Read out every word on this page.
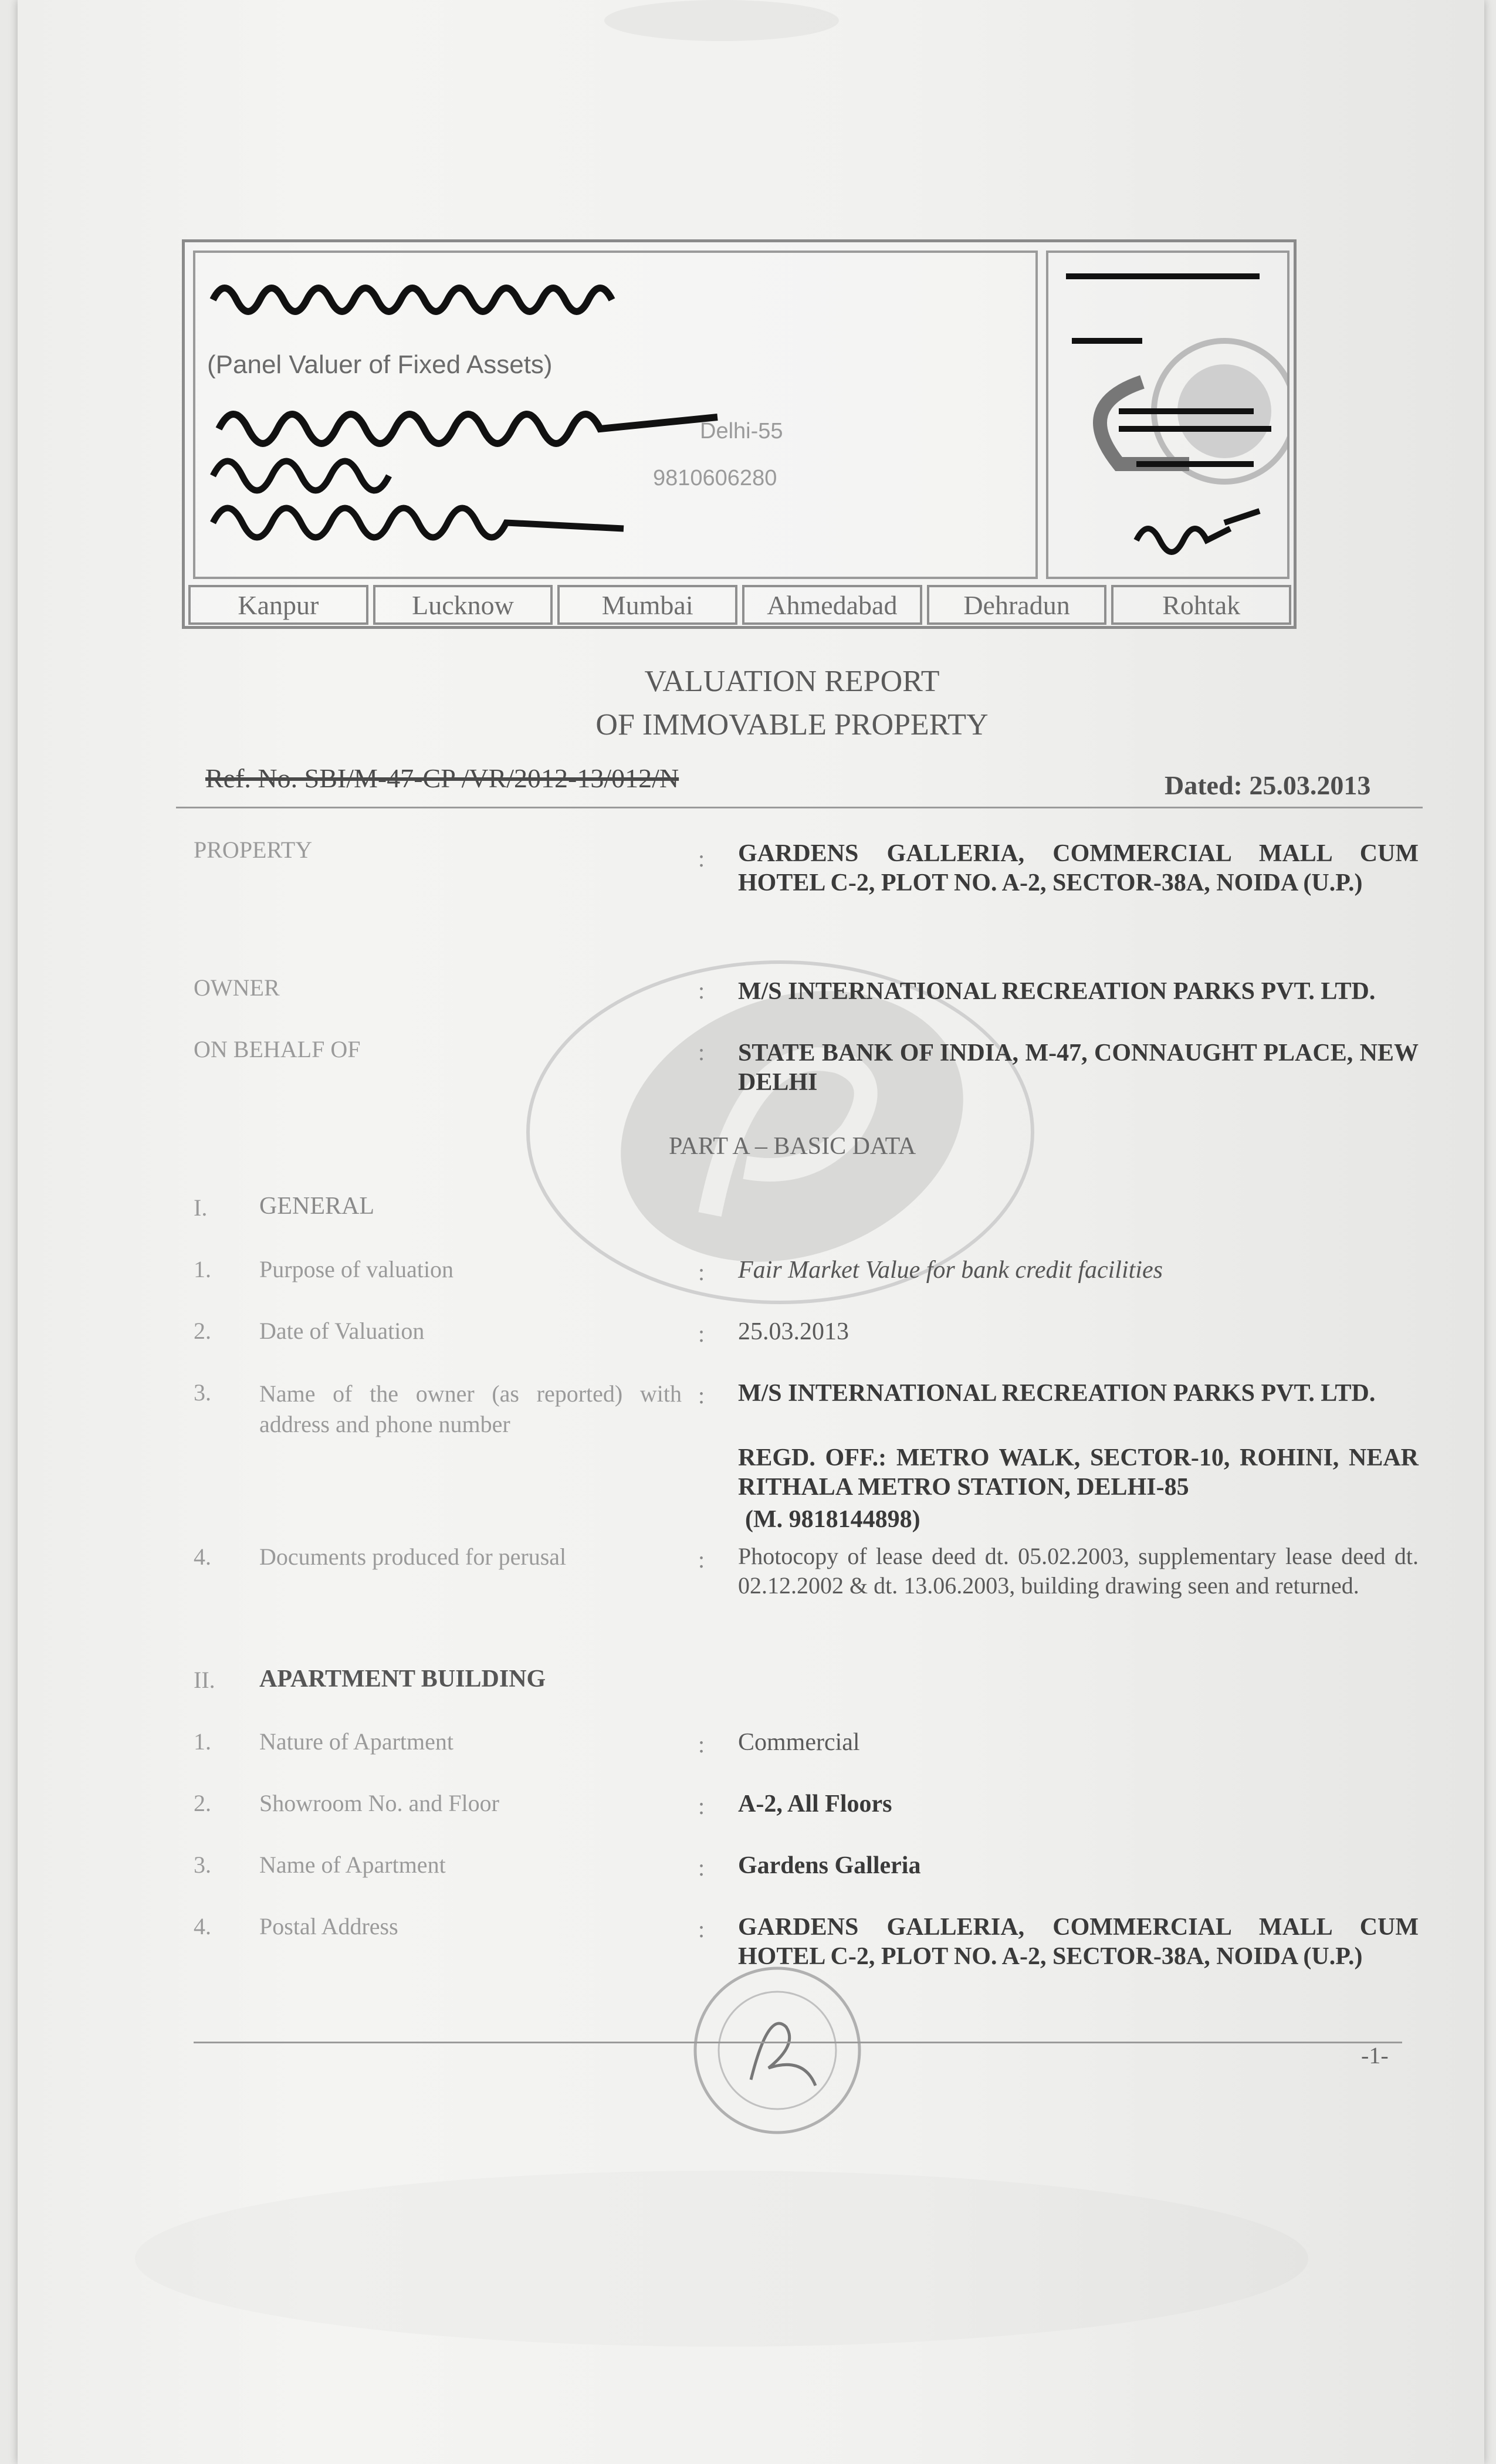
(Panel Valuer of Fixed Assets)
Delhi-55
9810606280
Kanpur	Lucknow	Mumbai	Ahmedabad	Dehradun	Rohtak
VALUATION REPORT
OF IMMOVABLE PROPERTY
Ref. No. SBI/M-47-CP /VR/2012-13/012/N	Dated: 25.03.2013
PROPERTY	: GARDENS GALLERIA, COMMERCIAL MALL CUM HOTEL C-2, PLOT NO. A-2, SECTOR-38A, NOIDA (U.P.)
OWNER	: M/S INTERNATIONAL RECREATION PARKS PVT. LTD.
ON BEHALF OF	: STATE BANK OF INDIA, M-47, CONNAUGHT PLACE, NEW DELHI
PART A – BASIC DATA
I. GENERAL
1. Purpose of valuation	: Fair Market Value for bank credit facilities
2. Date of Valuation	: 25.03.2013
3. Name of the owner (as reported) with address and phone number
: M/S INTERNATIONAL RECREATION PARKS PVT. LTD.
REGD. OFF.: METRO WALK, SECTOR-10, ROHINI, NEAR RITHALA METRO STATION, DELHI-85
(M. 9818144898)
4. Documents produced for perusal	: Photocopy of lease deed dt. 05.02.2003, supplementary lease deed dt. 02.12.2002 & dt. 13.06.2003, building drawing seen and returned.
II. APARTMENT BUILDING
1. Nature of Apartment	: Commercial
2. Showroom No. and Floor	: A-2, All Floors
3. Name of Apartment	: Gardens Galleria
4. Postal Address	: GARDENS GALLERIA, COMMERCIAL MALL CUM HOTEL C-2, PLOT NO. A-2, SECTOR-38A, NOIDA (U.P.)
-1-
